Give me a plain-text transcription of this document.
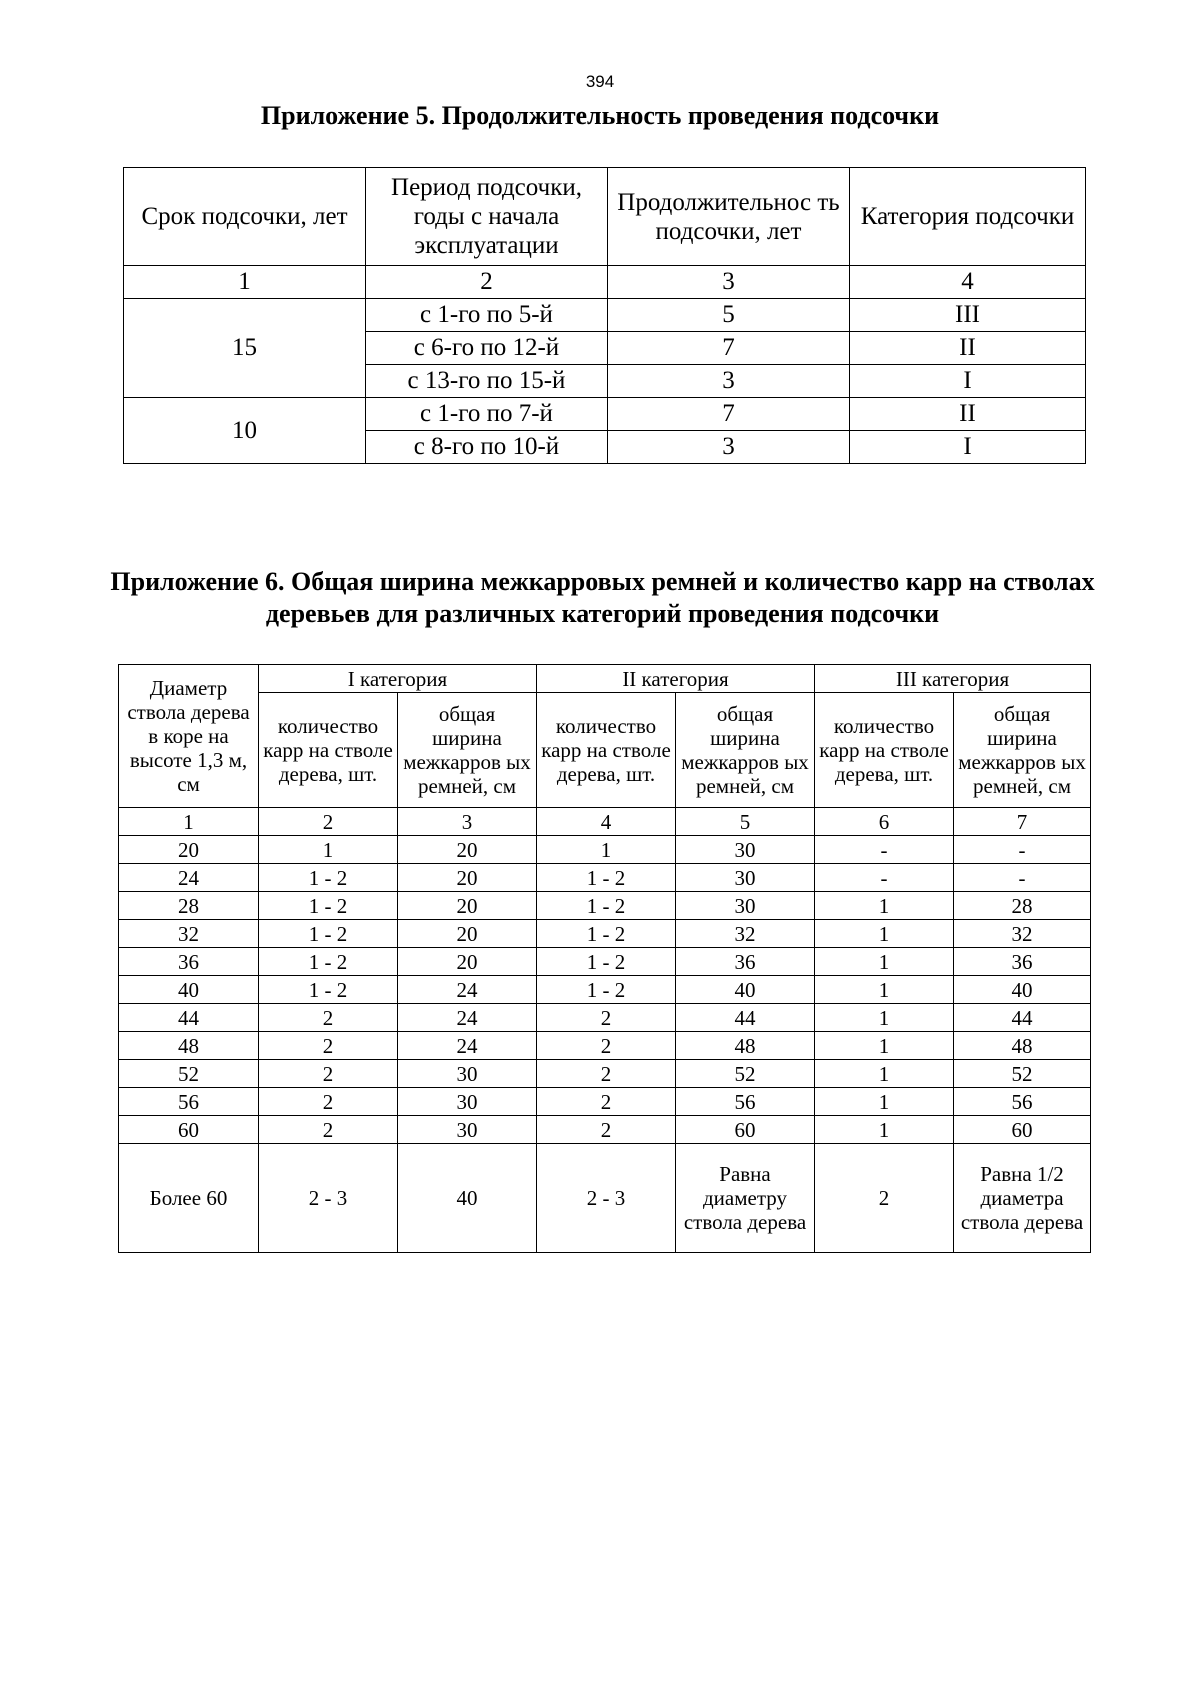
394
Приложение 5. Продолжительность проведения подсочки
Срок подсочки, лет	Период подсочки, годы с начала эксплуатации	Продолжительнос ть подсочки, лет	Категория подсочки
1	2	3	4
15	с 1-го по 5-й	5	III
	с 6-го по 12-й	7	II
	с 13-го по 15-й	3	I
10	с 1-го по 7-й	7	II
	с 8-го по 10-й	3	I
Приложение 6. Общая ширина межкарровых ремней и количество карр на стволах деревьев для различных категорий проведения подсочки
Диаметр ствола дерева в коре на высоте 1,3 м, см	I категория		II категория		III категория	
	количество карр на стволе дерева, шт.	общая ширина межкарров ых ремней, см	количество карр на стволе дерева, шт.	общая ширина межкарров ых ремней, см	количество карр на стволе дерева, шт.	общая ширина межкарров ых ремней, см
1	2	3	4	5	6	7
20	1	20	1	30	-	-
24	1 - 2	20	1 - 2	30	-	-
28	1 - 2	20	1 - 2	30	1	28
32	1 - 2	20	1 - 2	32	1	32
36	1 - 2	20	1 - 2	36	1	36
40	1 - 2	24	1 - 2	40	1	40
44	2	24	2	44	1	44
48	2	24	2	48	1	48
52	2	30	2	52	1	52
56	2	30	2	56	1	56
60	2	30	2	60	1	60
Более 60	2 - 3	40	2 - 3	Равна диаметру ствола дерева	2	Равна 1/2 диаметра ствола дерева
